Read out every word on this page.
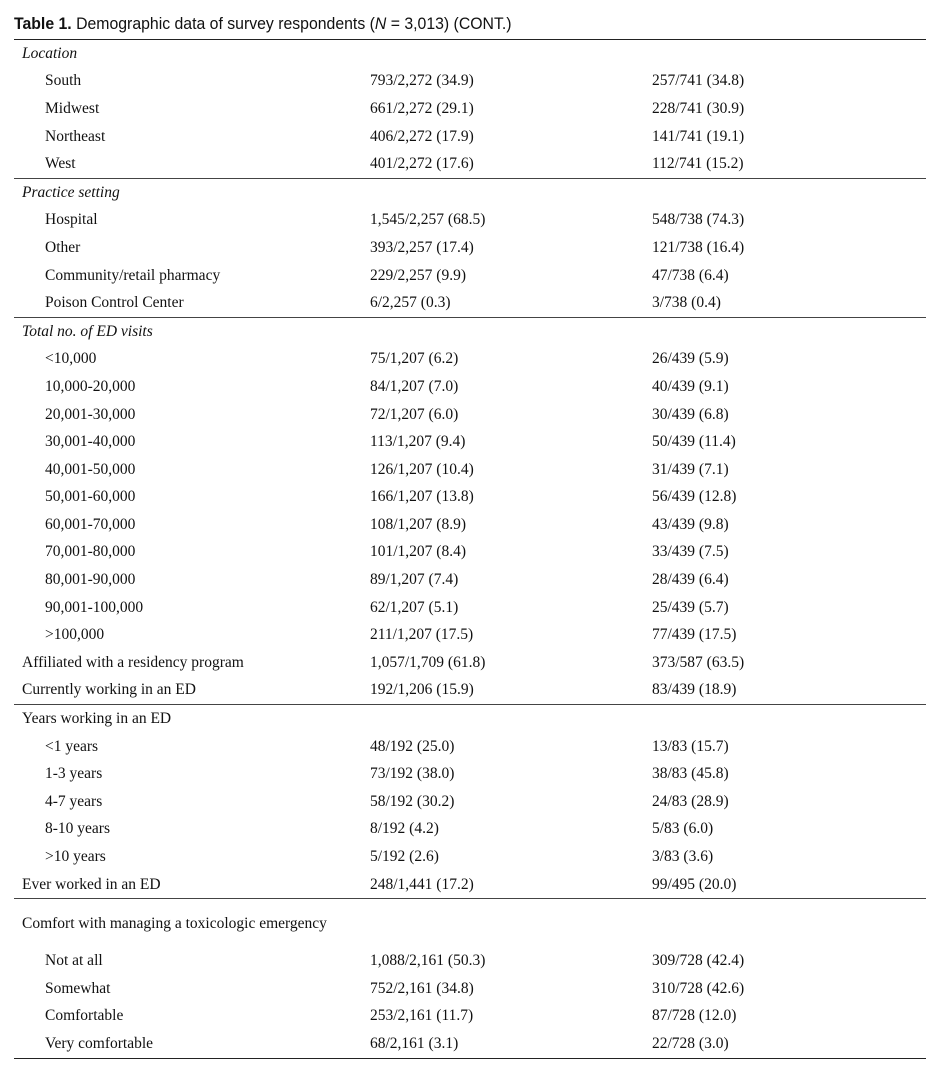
Table 1. Demographic data of survey respondents (N = 3,013) (CONT.)
Location		
South	793/2,272 (34.9)	257/741 (34.8)
Midwest	661/2,272 (29.1)	228/741 (30.9)
Northeast	406/2,272 (17.9)	141/741 (19.1)
West	401/2,272 (17.6)	112/741 (15.2)
Practice setting		
Hospital	1,545/2,257 (68.5)	548/738 (74.3)
Other	393/2,257 (17.4)	121/738 (16.4)
Community/retail pharmacy	229/2,257 (9.9)	47/738 (6.4)
Poison Control Center	6/2,257 (0.3)	3/738 (0.4)
Total no. of ED visits		
<10,000	75/1,207 (6.2)	26/439 (5.9)
10,000-20,000	84/1,207 (7.0)	40/439 (9.1)
20,001-30,000	72/1,207 (6.0)	30/439 (6.8)
30,001-40,000	113/1,207 (9.4)	50/439 (11.4)
40,001-50,000	126/1,207 (10.4)	31/439 (7.1)
50,001-60,000	166/1,207 (13.8)	56/439 (12.8)
60,001-70,000	108/1,207 (8.9)	43/439 (9.8)
70,001-80,000	101/1,207 (8.4)	33/439 (7.5)
80,001-90,000	89/1,207 (7.4)	28/439 (6.4)
90,001-100,000	62/1,207 (5.1)	25/439 (5.7)
>100,000	211/1,207 (17.5)	77/439 (17.5)
Affiliated with a residency program	1,057/1,709 (61.8)	373/587 (63.5)
Currently working in an ED	192/1,206 (15.9)	83/439 (18.9)
Years working in an ED		
<1 years	48/192 (25.0)	13/83 (15.7)
1-3 years	73/192 (38.0)	38/83 (45.8)
4-7 years	58/192 (30.2)	24/83 (28.9)
8-10 years	8/192 (4.2)	5/83 (6.0)
>10 years	5/192 (2.6)	3/83 (3.6)
Ever worked in an ED	248/1,441 (17.2)	99/495 (20.0)
Comfort with managing a toxicologic emergency		
Not at all	1,088/2,161 (50.3)	309/728 (42.4)
Somewhat	752/2,161 (34.8)	310/728 (42.6)
Comfortable	253/2,161 (11.7)	87/728 (12.0)
Very comfortable	68/2,161 (3.1)	22/728 (3.0)
